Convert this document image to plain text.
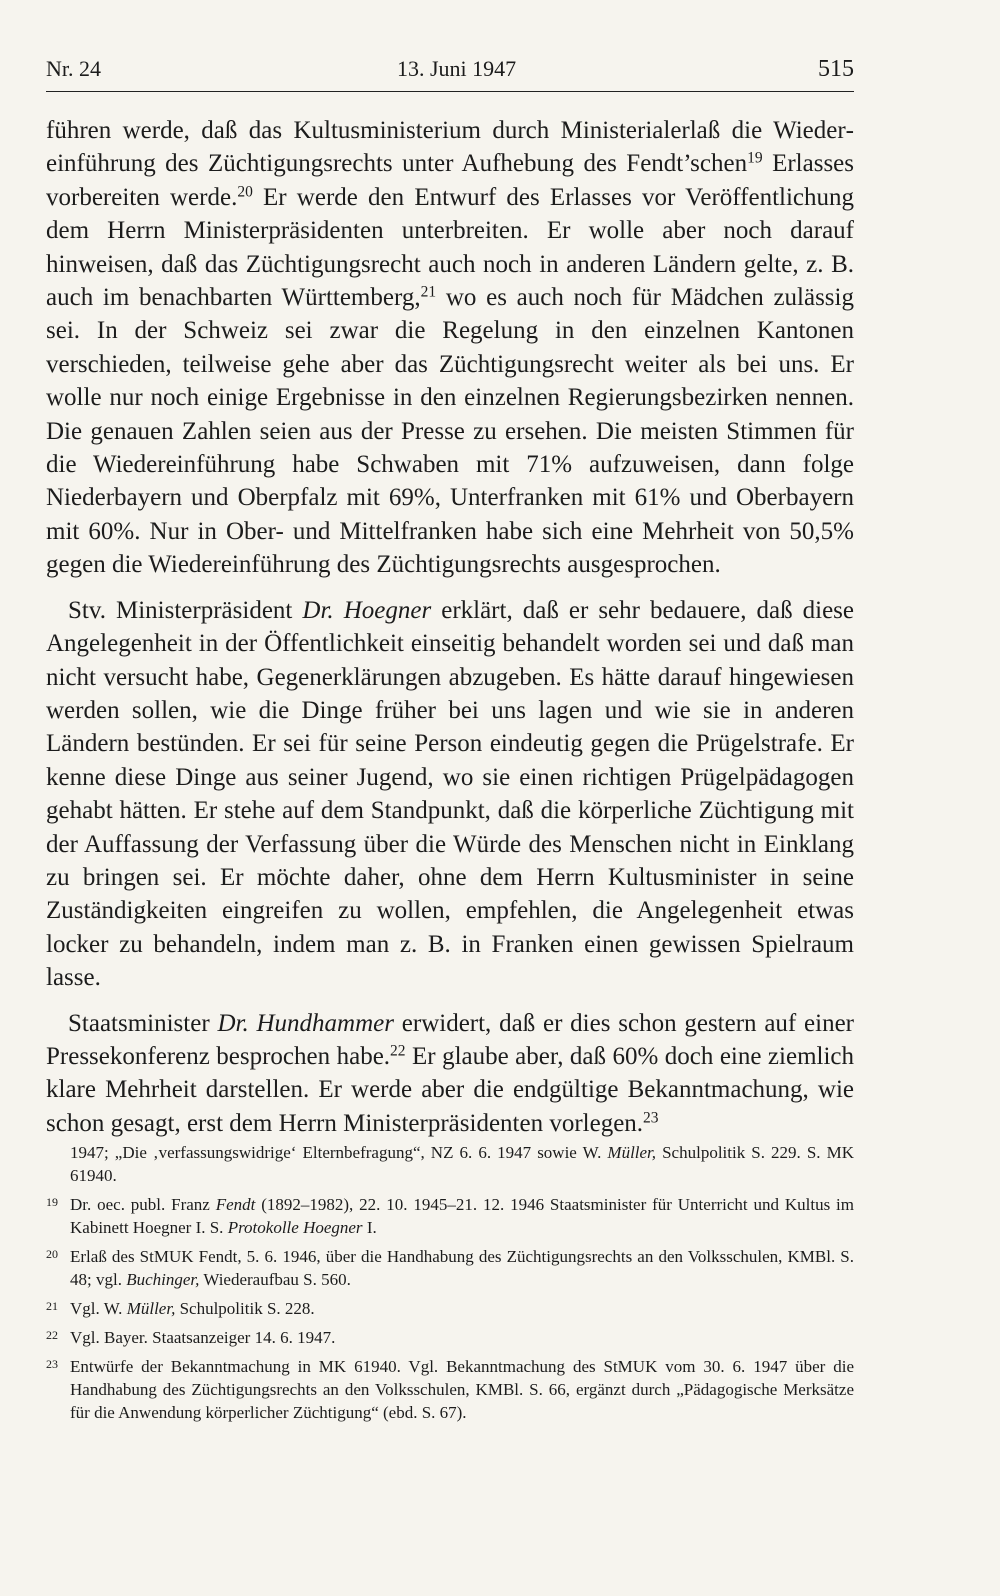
Nr. 24	13. Juni 1947	515

führen werde, daß das Kultusministerium durch Ministerialerlaß die Wiedereinführung des Züchtigungsrechts unter Aufhebung des Fendt’schen$^{19}$ Erlasses vorbereiten werde.$^{20}$ Er werde den Entwurf des Erlasses vor Veröffentlichung dem Herrn Ministerpräsidenten unterbreiten. Er wolle aber noch darauf hinweisen, daß das Züchtigungsrecht auch noch in anderen Ländern gelte, z. B. auch im benachbarten Württemberg,$^{21}$ wo es auch noch für Mädchen zulässig sei. In der Schweiz sei zwar die Regelung in den einzelnen Kantonen verschieden, teilweise gehe aber das Züchtigungsrecht weiter als bei uns. Er wolle nur noch einige Ergebnisse in den einzelnen Regierungsbezirken nennen. Die genauen Zahlen seien aus der Presse zu ersehen. Die meisten Stimmen für die Wiedereinführung habe Schwaben mit 71% aufzuweisen, dann folge Niederbayern und Oberpfalz mit 69%, Unterfranken mit 61% und Oberbayern mit 60%. Nur in Ober- und Mittelfranken habe sich eine Mehrheit von 50,5% gegen die Wiedereinführung des Züchtigungsrechts ausgesprochen.

Stv. Ministerpräsident Dr. Hoegner erklärt, daß er sehr bedauere, daß diese Angelegenheit in der Öffentlichkeit einseitig behandelt worden sei und daß man nicht versucht habe, Gegenerklärungen abzugeben. Es hätte darauf hingewiesen werden sollen, wie die Dinge früher bei uns lagen und wie sie in anderen Ländern bestünden. Er sei für seine Person eindeutig gegen die Prügelstrafe. Er kenne diese Dinge aus seiner Jugend, wo sie einen richtigen Prügelpädagogen gehabt hätten. Er stehe auf dem Standpunkt, daß die körperliche Züchtigung mit der Auffassung der Verfassung über die Würde des Menschen nicht in Einklang zu bringen sei. Er möchte daher, ohne dem Herrn Kultusminister in seine Zuständigkeiten eingreifen zu wollen, empfehlen, die Angelegenheit etwas locker zu behandeln, indem man z. B. in Franken einen gewissen Spielraum lasse.

Staatsminister Dr. Hundhammer erwidert, daß er dies schon gestern auf einer Pressekonferenz besprochen habe.$^{22}$ Er glaube aber, daß 60% doch eine ziemlich klare Mehrheit darstellen. Er werde aber die endgültige Bekanntmachung, wie schon gesagt, erst dem Herrn Ministerpräsidenten vorlegen.$^{23}$

1947; „Die ‚verfassungswidrige‘ Elternbefragung“, NZ 6. 6. 1947 sowie W. Müller, Schulpolitik S. 229. S. MK 61940.
19 Dr. oec. publ. Franz Fendt (1892–1982), 22. 10. 1945–21. 12. 1946 Staatsminister für Unterricht und Kultus im Kabinett Hoegner I. S. Protokolle Hoegner I.
20 Erlaß des StMUK Fendt, 5. 6. 1946, über die Handhabung des Züchtigungsrechts an den Volksschulen, KMBl. S. 48; vgl. Buchinger, Wiederaufbau S. 560.
21 Vgl. W. Müller, Schulpolitik S. 228.
22 Vgl. Bayer. Staatsanzeiger 14. 6. 1947.
23 Entwürfe der Bekanntmachung in MK 61940. Vgl. Bekanntmachung des StMUK vom 30. 6. 1947 über die Handhabung des Züchtigungsrechts an den Volksschulen, KMBl. S. 66, ergänzt durch „Pädagogische Merksätze für die Anwendung körperlicher Züchtigung“ (ebd. S. 67).
